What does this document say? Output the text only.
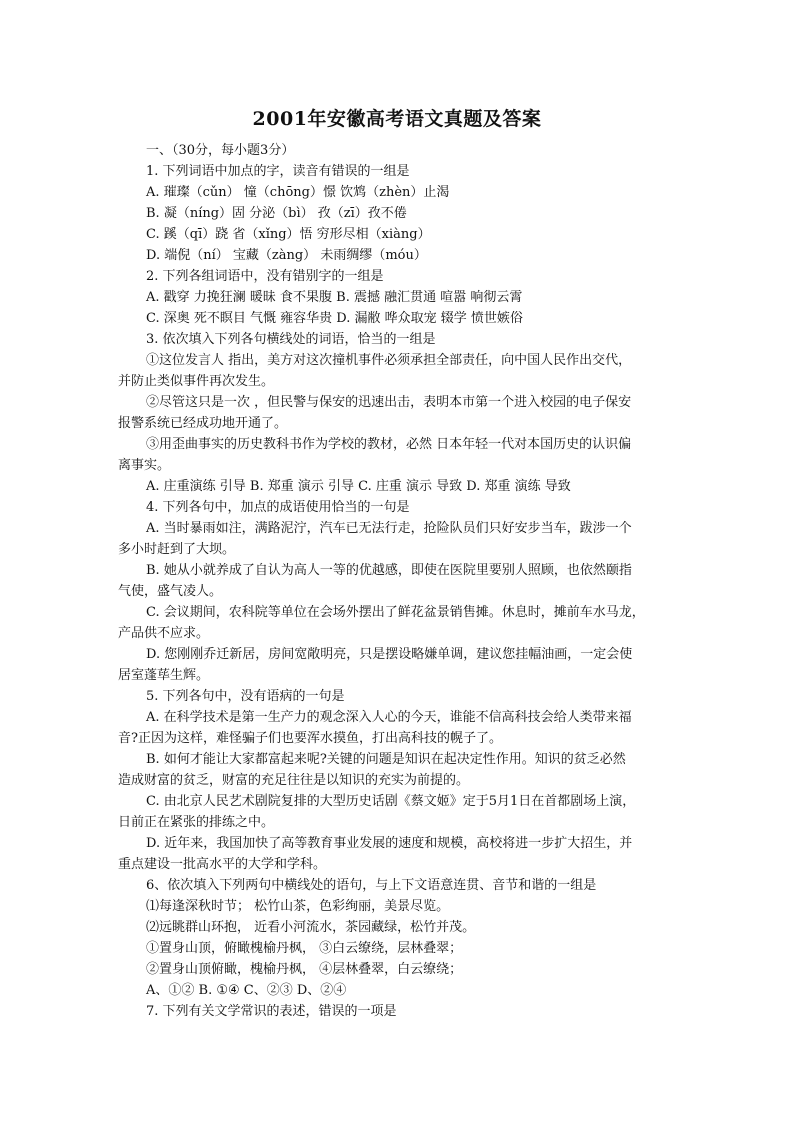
2001年安徽高考语文真题及答案
一、（30分，每小题3分）
1. 下列词语中加点的字，读音有错误的一组是
A. 璀璨（cǔn） 憧（chōng）憬 饮鸩（zhèn）止渴
B. 凝（níng）固 分泌（bì） 孜（zī）孜不倦
C. 蹊（qī）跷 省（xǐng）悟 穷形尽相（xiàng）
D. 端倪（ní） 宝藏（zàng） 未雨绸缪（móu）
2. 下列各组词语中，没有错别字的一组是
A. 戳穿 力挽狂澜 暖昧 食不果腹 B. 震撼 融汇贯通 喧嚣 响彻云霄
C. 深奥 死不瞑目 气慨 雍容华贵 D. 漏敝 哗众取宠 辍学 愤世嫉俗
3. 依次填入下列各句横线处的词语，恰当的一组是
①这位发言人 指出，美方对这次撞机事件必须承担全部责任，向中国人民作出交代，
并防止类似事件再次发生。
②尽管这只是一次 ，但民警与保安的迅速出击，表明本市第一个进入校园的电子保安
报警系统已经成功地开通了。
③用歪曲事实的历史教科书作为学校的教材，必然 日本年轻一代对本国历史的认识偏
离事实。
A. 庄重演练 引导 B. 郑重 演示 引导 C. 庄重 演示 导致 D. 郑重 演练 导致
4. 下列各句中，加点的成语使用恰当的一句是
A. 当时暴雨如注，满路泥泞，汽车已无法行走，抢险队员们只好安步当车，跋涉一个
多小时赶到了大坝。
B. 她从小就养成了自认为高人一等的优越感，即使在医院里要别人照顾，也依然颐指
气使，盛气凌人。
C. 会议期间，农科院等单位在会场外摆出了鲜花盆景销售摊。休息时，摊前车水马龙，
产品供不应求。
D. 您刚刚乔迁新居，房间宽敞明亮，只是摆设略嫌单调，建议您挂幅油画，一定会使
居室蓬荜生辉。
5. 下列各句中，没有语病的一句是
A. 在科学技术是第一生产力的观念深入人心的今天，谁能不信高科技会给人类带来福
音?正因为这样，难怪骗子们也要浑水摸鱼，打出高科技的幌子了。
B. 如何才能让大家都富起来呢?关键的问题是知识在起决定性作用。知识的贫乏必然
造成财富的贫乏，财富的充足往往是以知识的充实为前提的。
C. 由北京人民艺术剧院复排的大型历史话剧《蔡文姬》定于5月1日在首都剧场上演，
日前正在紧张的排练之中。
D. 近年来，我国加快了高等教育事业发展的速度和规模，高校将进一步扩大招生，并
重点建设一批高水平的大学和学科。
6、依次填入下列两句中横线处的语句，与上下文语意连贯、音节和谐的一组是
⑴每逢深秋时节； 松竹山茶，色彩绚丽，美景尽览。
⑵远眺群山环抱， 近看小河流水，茶园藏绿，松竹并茂。
①置身山顶，俯瞰槐榆丹枫， ③白云缭绕，层林叠翠；
②置身山顶俯瞰，槐榆丹枫， ④层林叠翠，白云缭绕；
A、①② B. ①④ C、②③ D、②④
7. 下列有关文学常识的表述，错误的一项是
